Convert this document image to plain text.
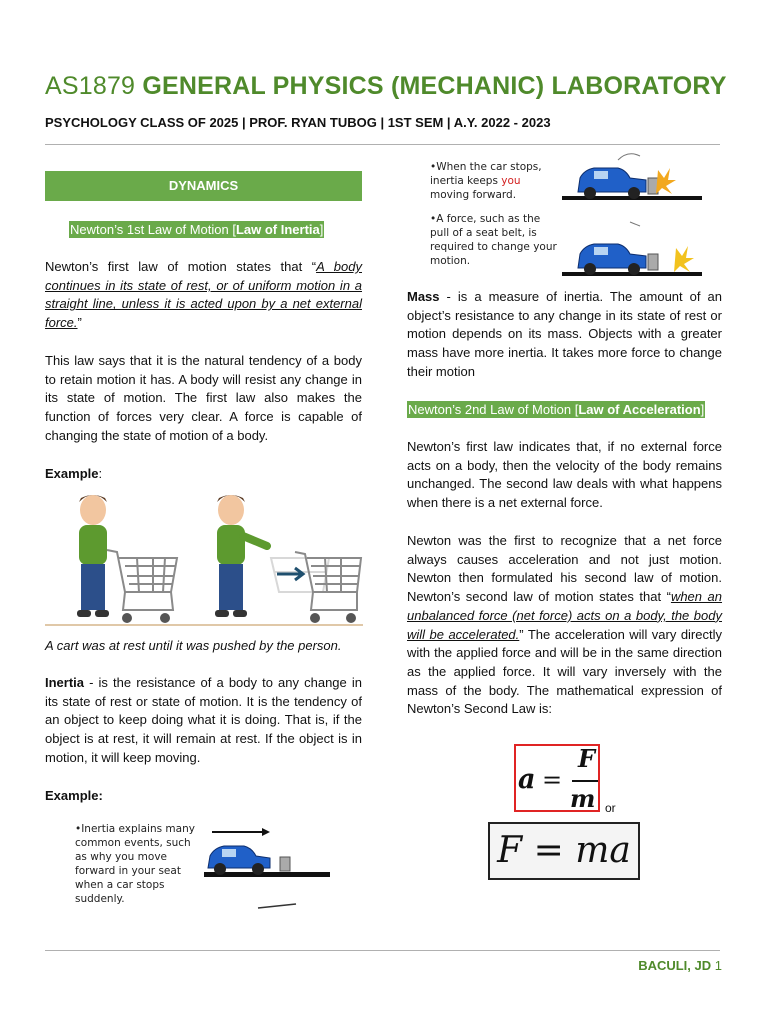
AS1879 GENERAL PHYSICS (MECHANIC) LABORATORY
PSYCHOLOGY CLASS OF 2025 | PROF. RYAN TUBOG | 1ST SEM | A.Y. 2022 - 2023
DYNAMICS
Newton’s 1st Law of Motion [Law of Inertia]
Newton’s first law of motion states that “A body continues in its state of rest, or of uniform motion in a straight line, unless it is acted upon by a net external force.”
This law says that it is the natural tendency of a body to retain motion it has. A body will resist any change in its state of motion. The first law also makes the function of forces very clear. A force is capable of changing the state of motion of a body.
Example:
A cart was at rest until it was pushed by the person.
Inertia - is the resistance of a body to any change in its state of rest or state of motion. It is the tendency of an object to keep doing what it is doing. That is, if the object is at rest, it will remain at rest. If the object is in motion, it will keep moving.
Example:
•Inertia explains many common events, such as why you move forward in your seat when a car stops suddenly.
•When the car stops, inertia keeps you moving forward.
•A force, such as the pull of a seat belt, is required to change your motion.
Mass - is a measure of inertia. The amount of an object’s resistance to any change in its state of rest or motion depends on its mass. Objects with a greater mass have more inertia. It takes more force to change their motion
Newton’s 2nd Law of Motion [Law of Acceleration]
Newton’s first law indicates that, if no external force acts on a body, then the velocity of the body remains unchanged. The second law deals with what happens when there is a net external force.
Newton was the first to recognize that a net force always causes acceleration and not just motion. Newton then formulated his second law of motion. Newton’s second law of motion states that “when an unbalanced force (net force) acts on a body, the body will be accelerated.” The acceleration will vary directly with the applied force and will be in the same direction as the applied force. It will vary inversely with the mass of the body. The mathematical expression of Newton’s Second Law is:
a =
F
m or
F = ma
BACULI, JD 1
